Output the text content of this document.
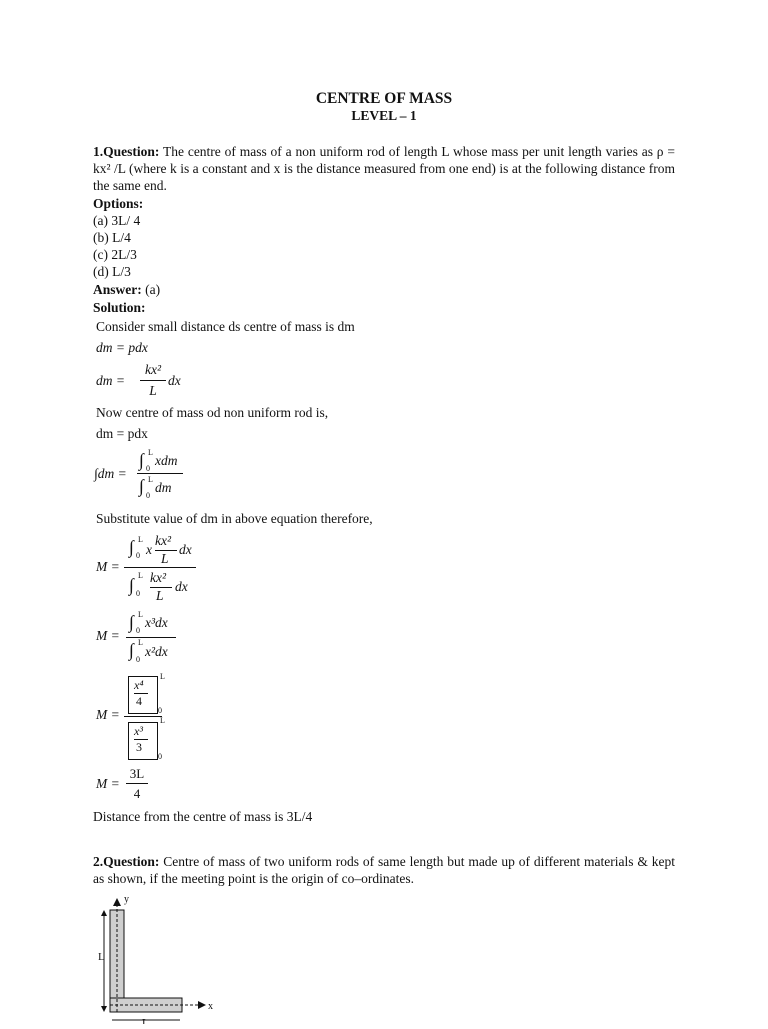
CENTRE OF MASS
LEVEL – 1
1.Question: The centre of mass of a non uniform rod of length L whose mass per unit length varies as ρ = kx² /L (where k is a constant and x is the distance measured from one end) is at the following distance from the same end.
Options:
(a) 3L/ 4
(b) L/4
(c) 2L/3
(d) L/3
Answer: (a)
Solution:
Consider small distance ds centre of mass is dm
dm = pdx
dm =
kx²
L
dx
Now centre of mass od non uniform rod is,
dm = pdx
∫dm =
∫ L
0
xdm
∫ L
0
dm
Substitute value of dm in above equation therefore,
M =
∫ L
0 x
kx²
L
dx
∫ L
0
kx²
L
dx
M =
∫ L
0
x³dx
∫ L
0
x²dx
M =
x⁴
4
L
0
x³
3
L
0
M =
3L
4
Distance from the centre of mass is 3L/4
2.Question: Centre of mass of two uniform rods of same length but made up of different materials & kept as shown, if the meeting point is the origin of co–ordinates.
y
x
L
L
